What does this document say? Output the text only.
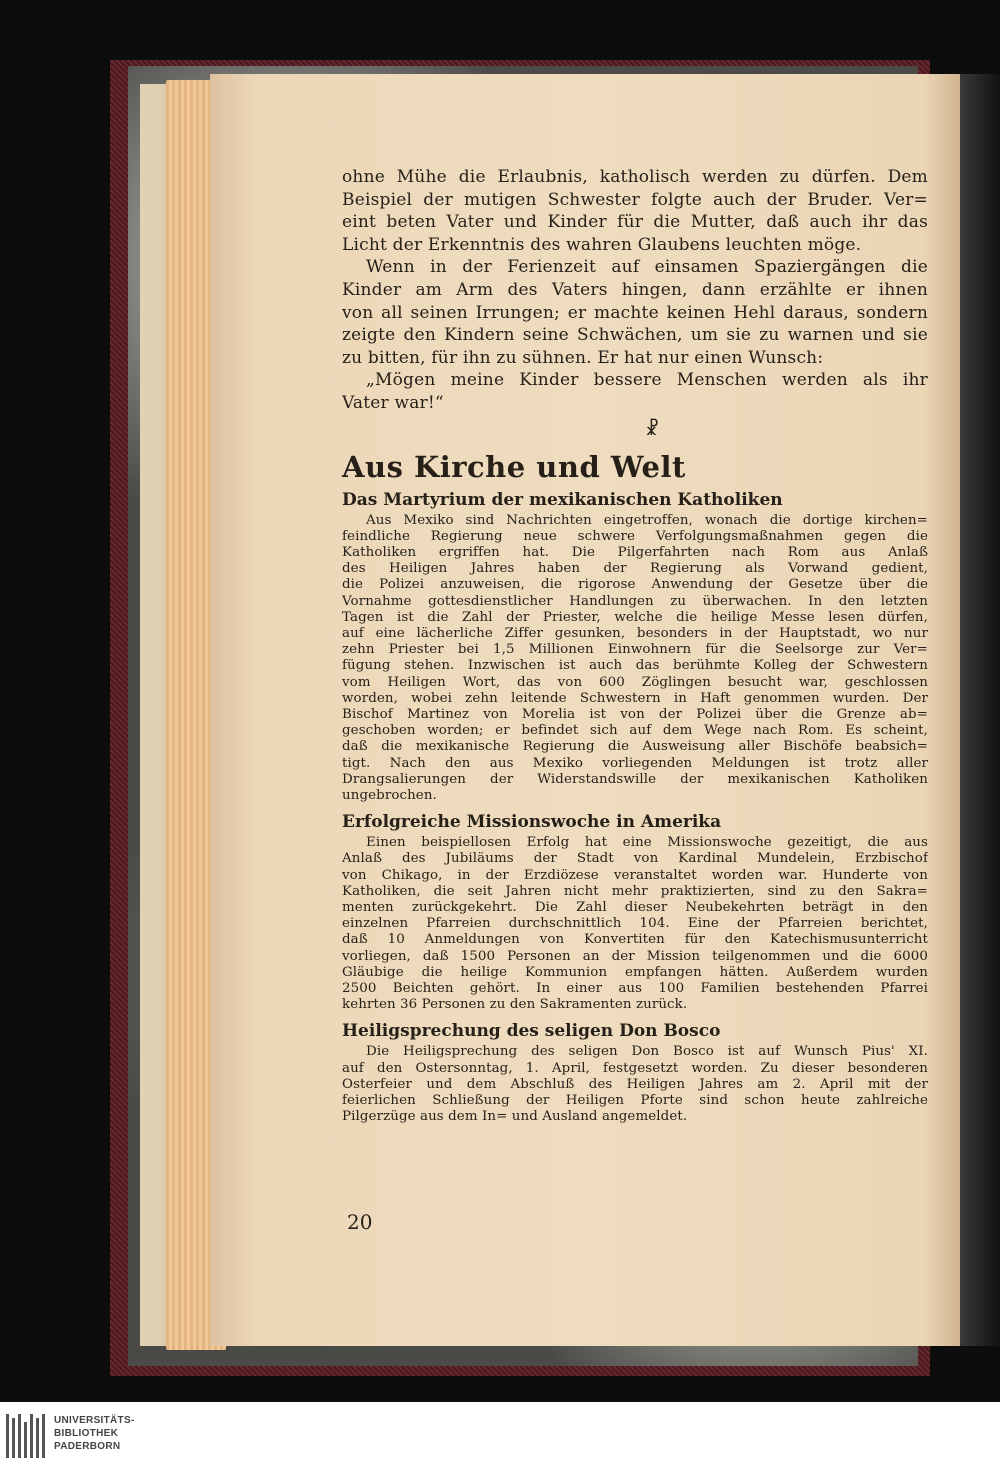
ohne Mühe die Erlaubnis, katholisch werden zu dürfen. Dem
Beispiel der mutigen Schwester folgte auch der Bruder. Ver=
eint beten Vater und Kinder für die Mutter, daß auch ihr das
Licht der Erkenntnis des wahren Glaubens leuchten möge.
Wenn in der Ferienzeit auf einsamen Spaziergängen die
Kinder am Arm des Vaters hingen, dann erzählte er ihnen
von all seinen Irrungen; er machte keinen Hehl daraus, sondern
zeigte den Kindern seine Schwächen, um sie zu warnen und sie
zu bitten, für ihn zu sühnen. Er hat nur einen Wunsch:
„Mögen meine Kinder bessere Menschen werden als ihr
Vater war!“
☧
Aus Kirche und Welt
Das Martyrium der mexikanischen Katholiken
Aus Mexiko sind Nachrichten eingetroffen, wonach die dortige kirchen=
feindliche Regierung neue schwere Verfolgungsmaßnahmen gegen die
Katholiken ergriffen hat. Die Pilgerfahrten nach Rom aus Anlaß
des Heiligen Jahres haben der Regierung als Vorwand gedient,
die Polizei anzuweisen, die rigorose Anwendung der Gesetze über die
Vornahme gottesdienstlicher Handlungen zu überwachen. In den letzten
Tagen ist die Zahl der Priester, welche die heilige Messe lesen dürfen,
auf eine lächerliche Ziffer gesunken, besonders in der Hauptstadt, wo nur
zehn Priester bei 1,5 Millionen Einwohnern für die Seelsorge zur Ver=
fügung stehen. Inzwischen ist auch das berühmte Kolleg der Schwestern
vom Heiligen Wort, das von 600 Zöglingen besucht war, geschlossen
worden, wobei zehn leitende Schwestern in Haft genommen wurden. Der
Bischof Martinez von Morelia ist von der Polizei über die Grenze ab=
geschoben worden; er befindet sich auf dem Wege nach Rom. Es scheint,
daß die mexikanische Regierung die Ausweisung aller Bischöfe beabsich=
tigt. Nach den aus Mexiko vorliegenden Meldungen ist trotz aller
Drangsalierungen der Widerstandswille der mexikanischen Katholiken
ungebrochen.
Erfolgreiche Missionswoche in Amerika
Einen beispiellosen Erfolg hat eine Missionswoche gezeitigt, die aus
Anlaß des Jubiläums der Stadt von Kardinal Mundelein, Erzbischof
von Chikago, in der Erzdiözese veranstaltet worden war. Hunderte von
Katholiken, die seit Jahren nicht mehr praktizierten, sind zu den Sakra=
menten zurückgekehrt. Die Zahl dieser Neubekehrten beträgt in den
einzelnen Pfarreien durchschnittlich 104. Eine der Pfarreien berichtet,
daß 10 Anmeldungen von Konvertiten für den Katechismusunterricht
vorliegen, daß 1500 Personen an der Mission teilgenommen und die 6000
Gläubige die heilige Kommunion empfangen hätten. Außerdem wurden
2500 Beichten gehört. In einer aus 100 Familien bestehenden Pfarrei
kehrten 36 Personen zu den Sakramenten zurück.
Heiligsprechung des seligen Don Bosco
Die Heiligsprechung des seligen Don Bosco ist auf Wunsch Pius' XI.
auf den Ostersonntag, 1. April, festgesetzt worden. Zu dieser besonderen
Osterfeier und dem Abschluß des Heiligen Jahres am 2. April mit der
feierlichen Schließung der Heiligen Pforte sind schon heute zahlreiche
Pilgerzüge aus dem In= und Ausland angemeldet.
20
UNIVERSITÄTS-
BIBLIOTHEK
PADERBORN
